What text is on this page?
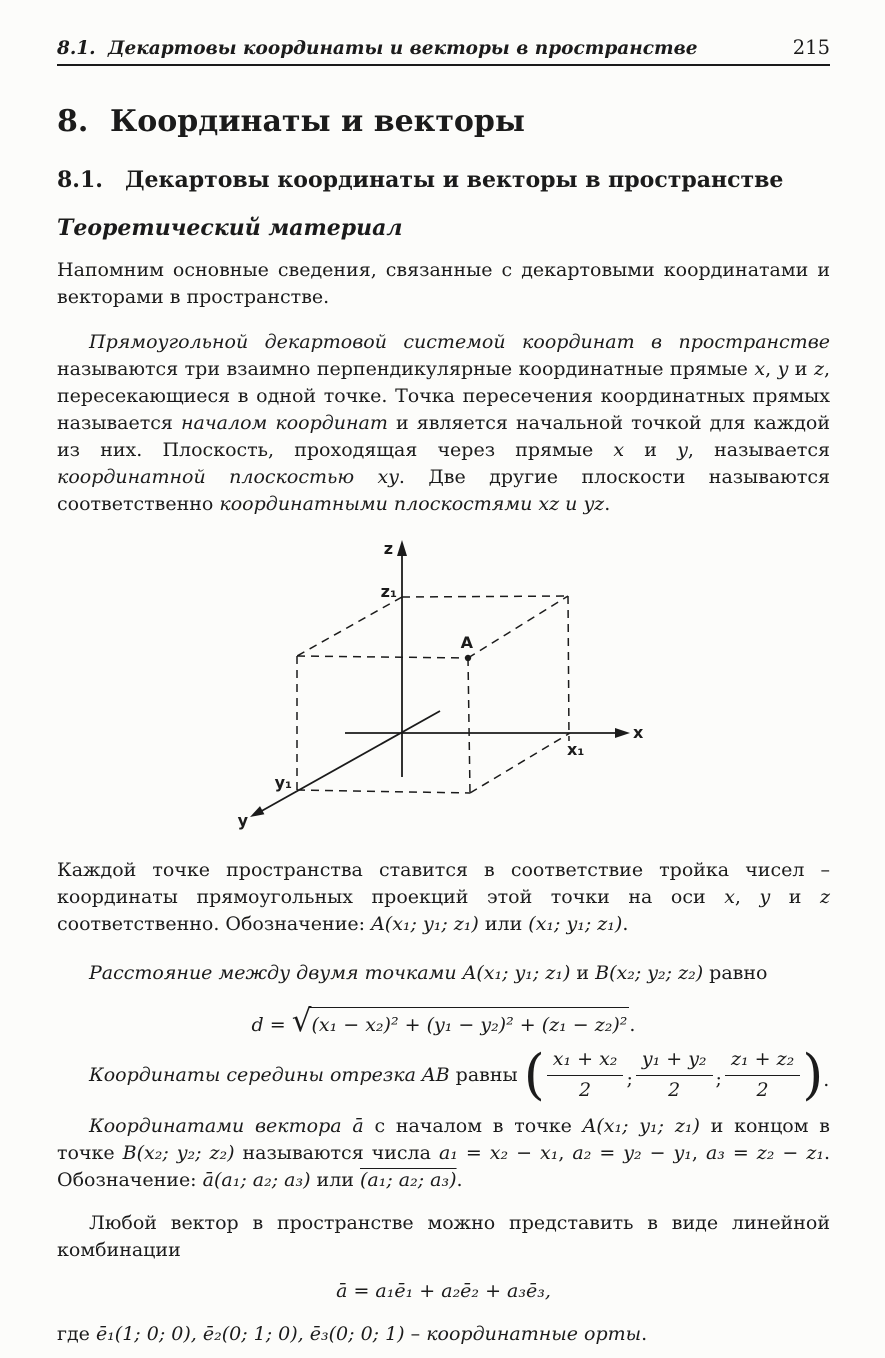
8.1. Декартовы координаты и векторы в пространстве	215
8. Координаты и векторы
8.1.	Декартовы координаты и векторы в пространстве
Теоретический материал

Напомним основные сведения, связанные с декартовыми координатами и векторами в пространстве.

Прямоугольной декартовой системой координат в пространстве называются три взаимно перпендикулярные координатные прямые x, y и z, пересекающиеся в одной точке. Точка пересечения координатных прямых называется началом координат и является начальной точкой для каждой из них. Плоскость, проходящая через прямые x и y, называется координатной плоскостью xy. Две другие плоскости называются соответственно координатными плоскостями xz и yz.

z
z₁
A
x
x₁
y₁
y

Каждой точке пространства ставится в соответствие тройка чисел – координаты прямоугольных проекций этой точки на оси x, y и z соответственно. Обозначение: A(x₁; y₁; z₁) или (x₁; y₁; z₁).

Расстояние между двумя точками A(x₁; y₁; z₁) и B(x₂; y₂; z₂) равно

d = √ (x₁ − x₂)² + (y₁ − y₂)² + (z₁ − z₂)² .
Координаты середины отрезка AB равны ( $\frac{\text{x₁ + x₂}}{2}$ ; $\frac{\text{y₁ + y₂}}{2}$ ; $\frac{\text{z₁ + z₂}}{2}$ ) .

Координатами вектора ā с началом в точке A(x₁; y₁; z₁) и концом в точке B(x₂; y₂; z₂) называются числа a₁ = x₂ − x₁, a₂ = y₂ − y₁, a₃ = z₂ − z₁. Обозначение: ā(a₁; a₂; a₃) или (a₁; a₂; a₃).

Любой вектор в пространстве можно представить в виде линейной комбинации

ā = a₁ē₁ + a₂ē₂ + a₃ē₃,

где ē₁(1; 0; 0), ē₂(0; 1; 0), ē₃(0; 0; 1) – координатные орты.
